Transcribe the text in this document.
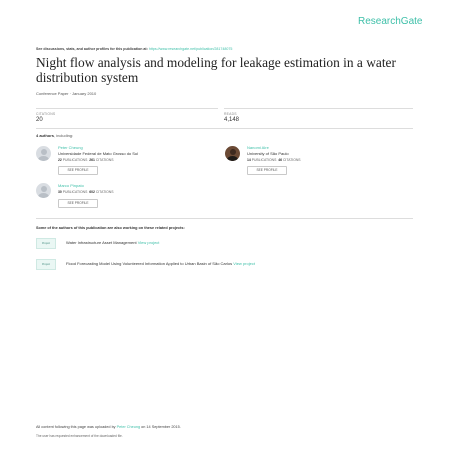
ResearchGate
See discussions, stats, and author profiles for this publication at: https://www.researchgate.net/publication/281748075
Night flow analysis and modeling for leakage estimation in a water distribution system
Conference Paper · January 2010
CITATIONS
20
READS
4,148
4 authors, including:
Peter Cheung
Universidade Federal de Mato Grosso do Sul
22 PUBLICATIONS 261 CITATIONS
SEE PROFILE
Nanomi Alre
University of São Paulo
14 PUBLICATIONS 46 CITATIONS
SEE PROFILE
Marco Pinpato
30 PUBLICATIONS 602 CITATIONS
SEE PROFILE
Some of the authors of this publication are also working on these related projects:
Project	Water Infrastructure Asset Management View project
Project	Flood Forecasting Model Using Volunteered Information Applied to Urban Basin of São Carlos View project
All content following this page was uploaded by Peter Cheung on 14 September 2015.
The user has requested enhancement of the downloaded file.
